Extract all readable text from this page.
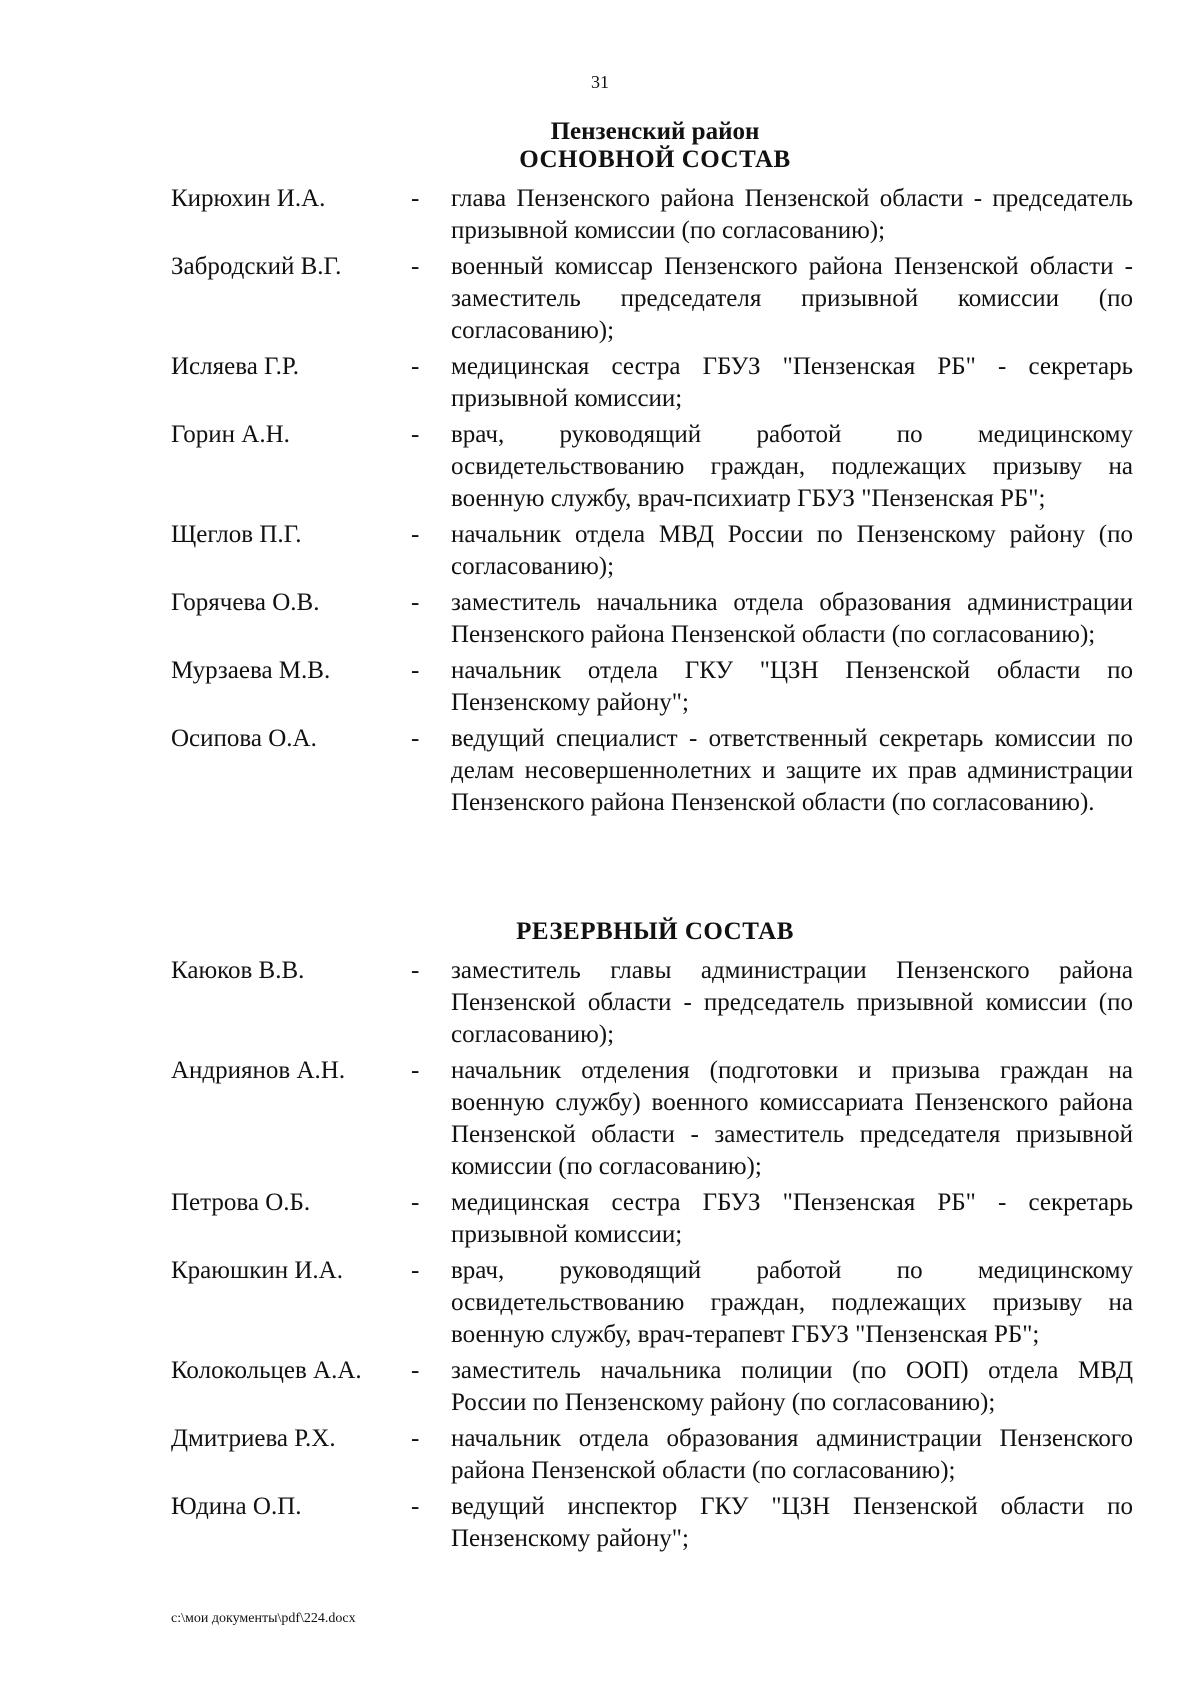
31
Пензенский район
ОСНОВНОЙ СОСТАВ
Кирюхин И.А.	-	глава Пензенского района Пензенской области - председатель призывной комиссии (по согласованию);
Забродский В.Г.	-	военный комиссар Пензенского района Пензенской области - заместитель председателя призывной комиссии (по согласованию);
Исляева Г.Р.	-	медицинская сестра ГБУЗ "Пензенская РБ" - секретарь призывной комиссии;
Горин А.Н.	-	врач, руководящий работой по медицинскому освидетельствованию граждан, подлежащих призыву на военную службу, врач-психиатр ГБУЗ "Пензенская РБ";
Щеглов П.Г.	-	начальник отдела МВД России по Пензенскому району (по согласованию);
Горячева О.В.	-	заместитель начальника отдела образования администрации Пензенского района Пензенской области (по согласованию);
Мурзаева М.В.	-	начальник отдела ГКУ "ЦЗН Пензенской области по Пензенскому району";
Осипова О.А.	-	ведущий специалист - ответственный секретарь комиссии по делам несовершеннолетних и защите их прав администрации Пензенского района Пензенской области (по согласованию).
РЕЗЕРВНЫЙ СОСТАВ
Каюков В.В.	-	заместитель главы администрации Пензенского района Пензенской области - председатель призывной комиссии (по согласованию);
Андриянов А.Н.	-	начальник отделения (подготовки и призыва граждан на военную службу) военного комиссариата Пензенского района Пензенской области - заместитель председателя призывной комиссии (по согласованию);
Петрова О.Б.	-	медицинская сестра ГБУЗ "Пензенская РБ" - секретарь призывной комиссии;
Краюшкин И.А.	-	врач, руководящий работой по медицинскому освидетельствованию граждан, подлежащих призыву на военную службу, врач-терапевт ГБУЗ "Пензенская РБ";
Колокольцев А.А.	-	заместитель начальника полиции (по ООП) отдела МВД России по Пензенскому району (по согласованию);
Дмитриева Р.Х.	-	начальник отдела образования администрации Пензенского района Пензенской области (по согласованию);
Юдина О.П.	-	ведущий инспектор ГКУ "ЦЗН Пензенской области по Пензенскому району";
c:\мои документы\pdf\224.docx
